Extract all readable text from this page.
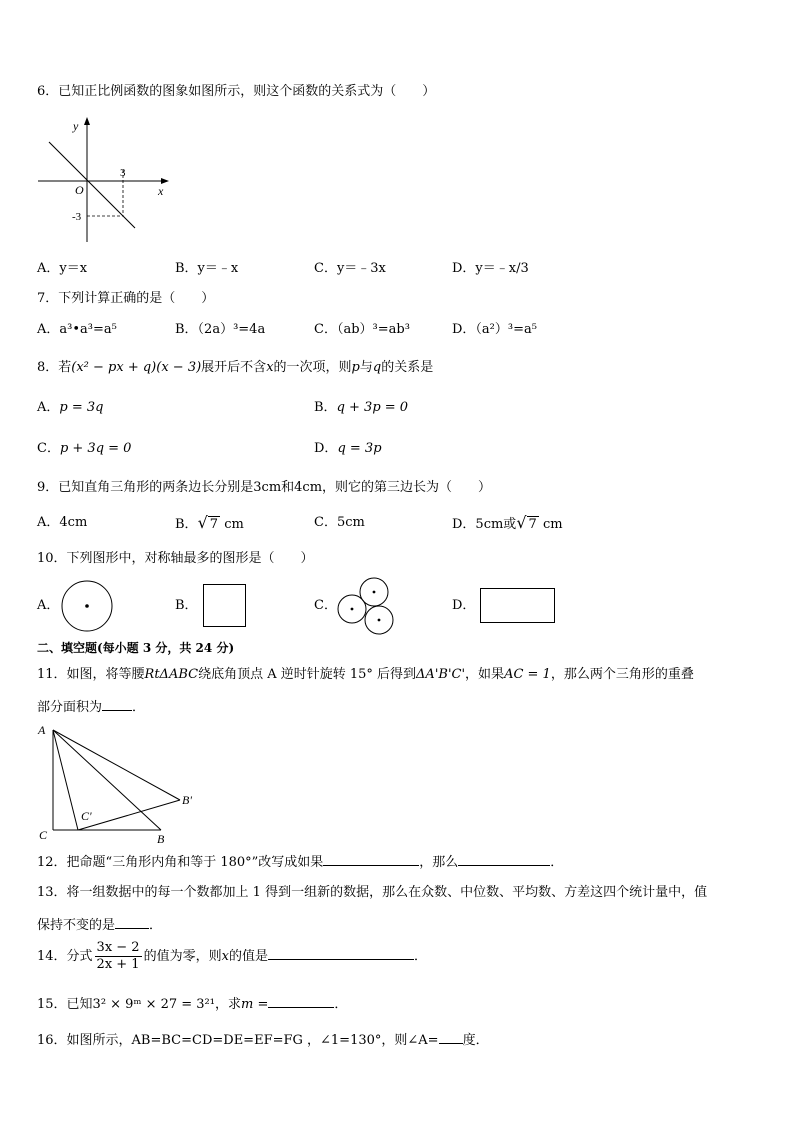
6．已知正比例函数的图象如图所示，则这个函数的关系式为（　　）
y
x
O
3
-3
A．y＝x	B．y＝﹣x	C．y＝﹣3x	D．y＝﹣x/3
7．下列计算正确的是（　　）
A．a³•a³=a⁵	B．（2a）³=4a	C．（ab）³=ab³	D．（a²）³=a⁵
8．若(x² − px + q)(x − 3)展开后不含x的一次项，则p与q的关系是
A．p = 3q	B．q + 3p = 0
C．p + 3q = 0	D．q = 3p
9．已知直角三角形的两条边长分别是3cm和4cm，则它的第三边长为（　　）
A．4cm	B．√ 7 cm	C．5cm	D．5cm或√ 7 cm
10．下列图形中，对称轴最多的图形是（　　）
A．	B．	C．	D．
二、填空题(每小题 3 分，共 24 分)
11．如图，将等腰RtΔABC绕底角顶点 A 逆时针旋转 15° 后得到ΔA'B'C'，如果AC = 1，那么两个三角形的重叠
部分面积为 ．
A
C	B
B'
C'
12．把命题“三角形内角和等于 180°”改写成如果	，那么	．
13．将一组数据中的每一个数都加上 1 得到一组新的数据，那么在众数、中位数、平均数、方差这四个统计量中，值
保持不变的是	．
14．分式 $\frac{3x - 2}{2x + 1}$ 的值为零，则x的值是	．
15．已知3² × 9ᵐ × 27 = 3²¹，求m =	．
16．如图所示，AB=BC=CD=DE=EF=FG ，∠1=130°，则∠A= 度．
